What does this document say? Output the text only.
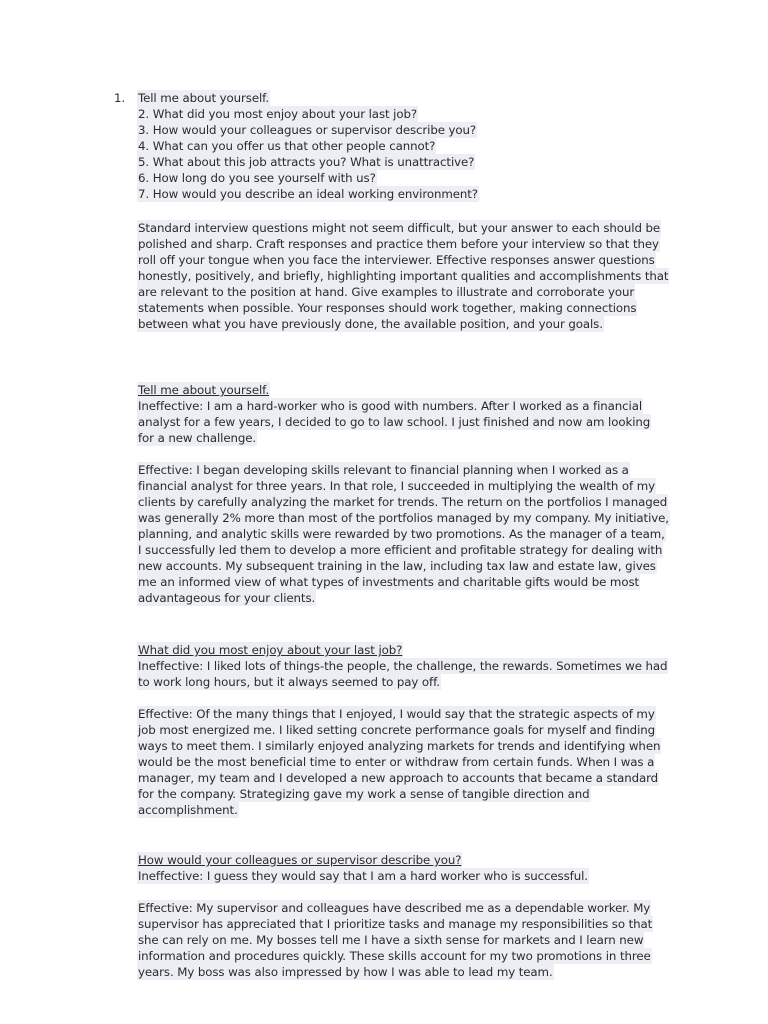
1. Tell me about yourself.
2. What did you most enjoy about your last job?
3. How would your colleagues or supervisor describe you?
4. What can you offer us that other people cannot?
5. What about this job attracts you? What is unattractive?
6. How long do you see yourself with us?
7. How would you describe an ideal working environment?
Standard interview questions might not seem difficult, but your answer to each should be
polished and sharp. Craft responses and practice them before your interview so that they
roll off your tongue when you face the interviewer. Effective responses answer questions
honestly, positively, and briefly, highlighting important qualities and accomplishments that
are relevant to the position at hand. Give examples to illustrate and corroborate your
statements when possible. Your responses should work together, making connections
between what you have previously done, the available position, and your goals.
Tell me about yourself.
Ineffective: I am a hard-worker who is good with numbers. After I worked as a financial
analyst for a few years, I decided to go to law school. I just finished and now am looking
for a new challenge.
Effective: I began developing skills relevant to financial planning when I worked as a
financial analyst for three years. In that role, I succeeded in multiplying the wealth of my
clients by carefully analyzing the market for trends. The return on the portfolios I managed
was generally 2% more than most of the portfolios managed by my company. My initiative,
planning, and analytic skills were rewarded by two promotions. As the manager of a team,
I successfully led them to develop a more efficient and profitable strategy for dealing with
new accounts. My subsequent training in the law, including tax law and estate law, gives
me an informed view of what types of investments and charitable gifts would be most
advantageous for your clients.
What did you most enjoy about your last job?
Ineffective: I liked lots of things-the people, the challenge, the rewards. Sometimes we had
to work long hours, but it always seemed to pay off.
Effective: Of the many things that I enjoyed, I would say that the strategic aspects of my
job most energized me. I liked setting concrete performance goals for myself and finding
ways to meet them. I similarly enjoyed analyzing markets for trends and identifying when
would be the most beneficial time to enter or withdraw from certain funds. When I was a
manager, my team and I developed a new approach to accounts that became a standard
for the company. Strategizing gave my work a sense of tangible direction and
accomplishment.
How would your colleagues or supervisor describe you?
Ineffective: I guess they would say that I am a hard worker who is successful.
Effective: My supervisor and colleagues have described me as a dependable worker. My
supervisor has appreciated that I prioritize tasks and manage my responsibilities so that
she can rely on me. My bosses tell me I have a sixth sense for markets and I learn new
information and procedures quickly. These skills account for my two promotions in three
years. My boss was also impressed by how I was able to lead my team.
